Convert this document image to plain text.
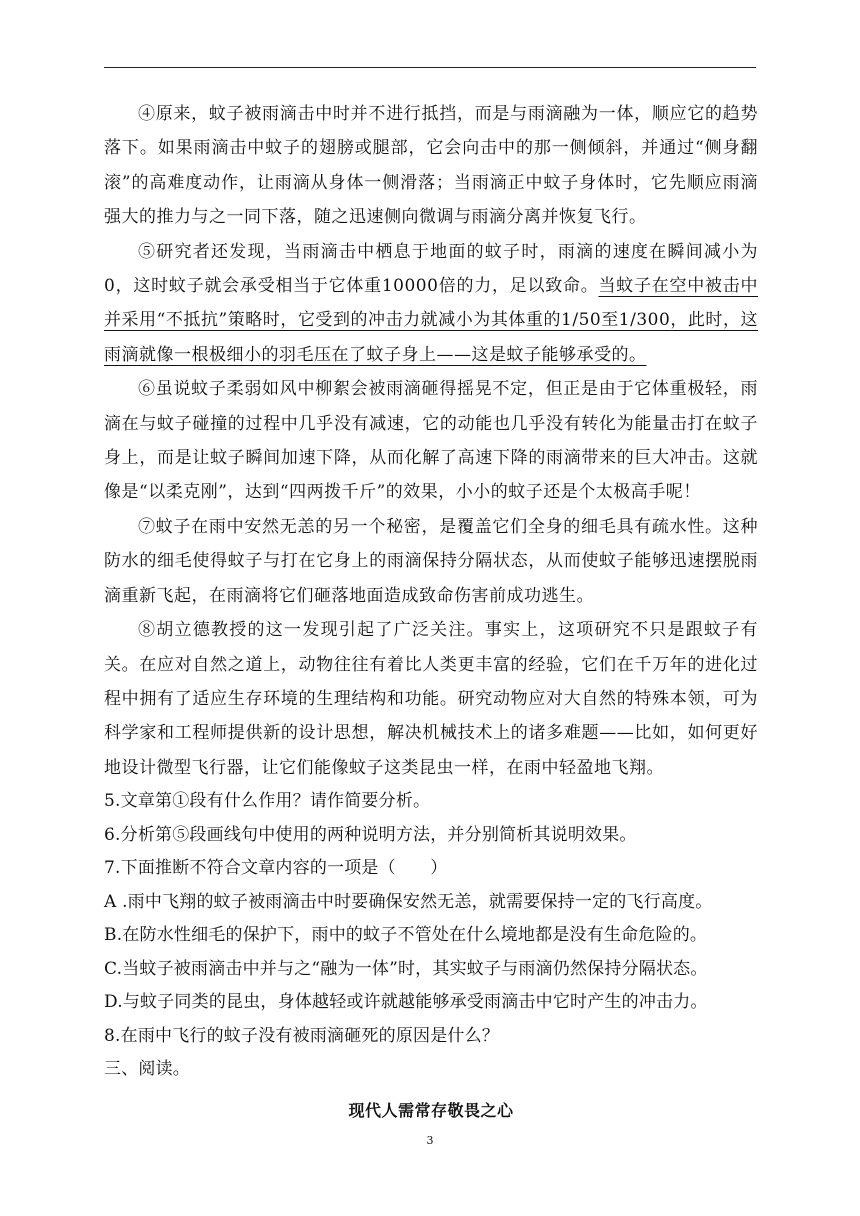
④原来，蚊子被雨滴击中时并不进行抵挡，而是与雨滴融为一体，顺应它的趋势落下。如果雨滴击中蚊子的翅膀或腿部，它会向击中的那一侧倾斜，并通过“侧身翻滚”的高难度动作，让雨滴从身体一侧滑落；当雨滴正中蚊子身体时，它先顺应雨滴强大的推力与之一同下落，随之迅速侧向微调与雨滴分离并恢复飞行。

⑤研究者还发现，当雨滴击中栖息于地面的蚊子时，雨滴的速度在瞬间减小为0，这时蚊子就会承受相当于它体重10000倍的力，足以致命。当蚊子在空中被击中并采用“不抵抗”策略时，它受到的冲击力就减小为其体重的1/50至1/300，此时，这雨滴就像一根极细小的羽毛压在了蚊子身上——这是蚊子能够承受的。

⑥虽说蚊子柔弱如风中柳絮会被雨滴砸得摇晃不定，但正是由于它体重极轻，雨滴在与蚊子碰撞的过程中几乎没有减速，它的动能也几乎没有转化为能量击打在蚊子身上，而是让蚊子瞬间加速下降，从而化解了高速下降的雨滴带来的巨大冲击。这就像是“以柔克刚”，达到“四两拨千斤”的效果，小小的蚊子还是个太极高手呢！

⑦蚊子在雨中安然无恙的另一个秘密，是覆盖它们全身的细毛具有疏水性。这种防水的细毛使得蚊子与打在它身上的雨滴保持分隔状态，从而使蚊子能够迅速摆脱雨滴重新飞起，在雨滴将它们砸落地面造成致命伤害前成功逃生。

⑧胡立德教授的这一发现引起了广泛关注。事实上，这项研究不只是跟蚊子有关。在应对自然之道上，动物往往有着比人类更丰富的经验，它们在千万年的进化过程中拥有了适应生存环境的生理结构和功能。研究动物应对大自然的特殊本领，可为科学家和工程师提供新的设计思想，解决机械技术上的诸多难题——比如，如何更好地设计微型飞行器，让它们能像蚊子这类昆虫一样，在雨中轻盈地飞翔。

5.文章第①段有什么作用？请作简要分析。

6.分析第⑤段画线句中使用的两种说明方法，并分别简析其说明效果。

7.下面推断不符合文章内容的一项是（　　）

A .雨中飞翔的蚊子被雨滴击中时要确保安然无恙，就需要保持一定的飞行高度。

B.在防水性细毛的保护下，雨中的蚊子不管处在什么境地都是没有生命危险的。

C.当蚊子被雨滴击中并与之“融为一体”时，其实蚊子与雨滴仍然保持分隔状态。

D.与蚊子同类的昆虫，身体越轻或许就越能够承受雨滴击中它时产生的冲击力。

8.在雨中飞行的蚊子没有被雨滴砸死的原因是什么？

三、阅读。

现代人需常存敬畏之心

3
